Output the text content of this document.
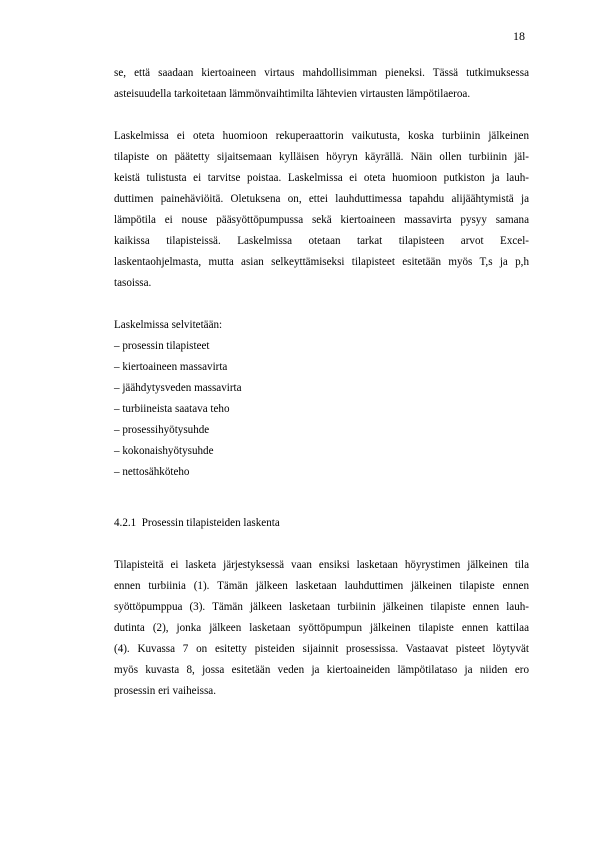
18
se, että saadaan kiertoaineen virtaus mahdollisimman pieneksi. Tässä tutkimuksessa
asteisuudella tarkoitetaan lämmönvaihtimilta lähtevien virtausten lämpötilaeroa.
Laskelmissa ei oteta huomioon rekuperaattorin vaikutusta, koska turbiinin jälkeinen
tilapiste on päätetty sijaitsemaan kylläisen höyryn käyrällä. Näin ollen turbiinin jäl-
keistä tulistusta ei tarvitse poistaa. Laskelmissa ei oteta huomioon putkiston ja lauh-
duttimen painehäviöitä. Oletuksena on, ettei lauhduttimessa tapahdu alijäähtymistä ja
lämpötila ei nouse pääsyöttöpumpussa sekä kiertoaineen massavirta pysyy samana
kaikissa tilapisteissä. Laskelmissa otetaan tarkat tilapisteen arvot Excel-
laskentaohjelmasta, mutta asian selkeyttämiseksi tilapisteet esitetään myös T,s ja p,h
tasoissa.
Laskelmissa selvitetään:
– prosessin tilapisteet
– kiertoaineen massavirta
– jäähdytysveden massavirta
– turbiineista saatava teho
– prosessihyötysuhde
– kokonaishyötysuhde
– nettosähköteho
4.2.1  Prosessin tilapisteiden laskenta
Tilapisteitä ei lasketa järjestyksessä vaan ensiksi lasketaan höyrystimen jälkeinen tila
ennen turbiinia (1). Tämän jälkeen lasketaan lauhduttimen jälkeinen tilapiste ennen
syöttöpumppua (3). Tämän jälkeen lasketaan turbiinin jälkeinen tilapiste ennen lauh-
dutinta (2), jonka jälkeen lasketaan syöttöpumpun jälkeinen tilapiste ennen kattilaa
(4). Kuvassa 7 on esitetty pisteiden sijainnit prosessissa. Vastaavat pisteet löytyvät
myös kuvasta 8, jossa esitetään veden ja kiertoaineiden lämpötilataso ja niiden ero
prosessin eri vaiheissa.
